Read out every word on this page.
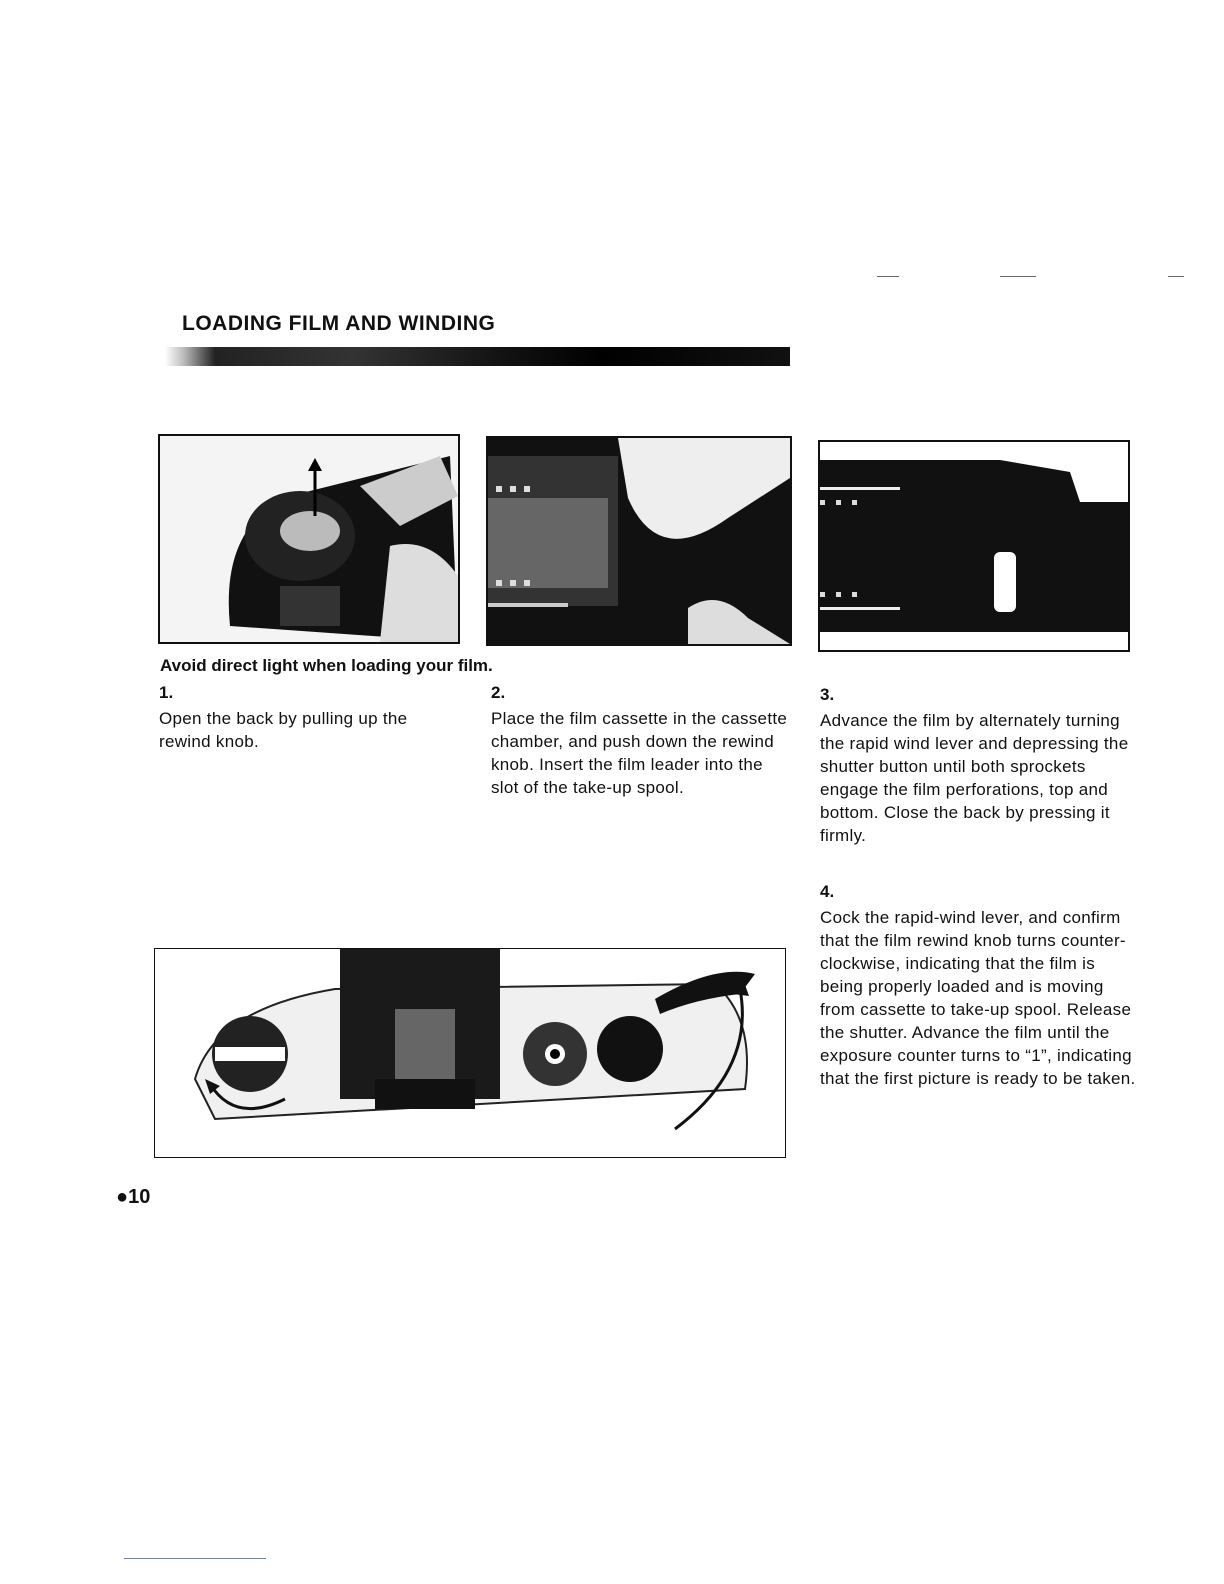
LOADING FILM AND WINDING
Avoid direct light when loading your film.
1.
Open the back by pulling up the rewind knob.
2.
Place the film cassette in the cassette chamber, and push down the rewind knob. Insert the film leader into the slot of the take-up spool.
3.
Advance the film by alternately turning the rapid wind lever and depressing the shutter button until both sprockets engage the film perforations, top and bottom. Close the back by pressing it firmly.
4.
Cock the rapid-wind lever, and confirm that the film rewind knob turns counter-clockwise, indicating that the film is being properly loaded and is moving from cassette to take-up spool. Release the shutter. Advance the film until the exposure counter turns to “1”, indicating that the first picture is ready to be taken.
●10
